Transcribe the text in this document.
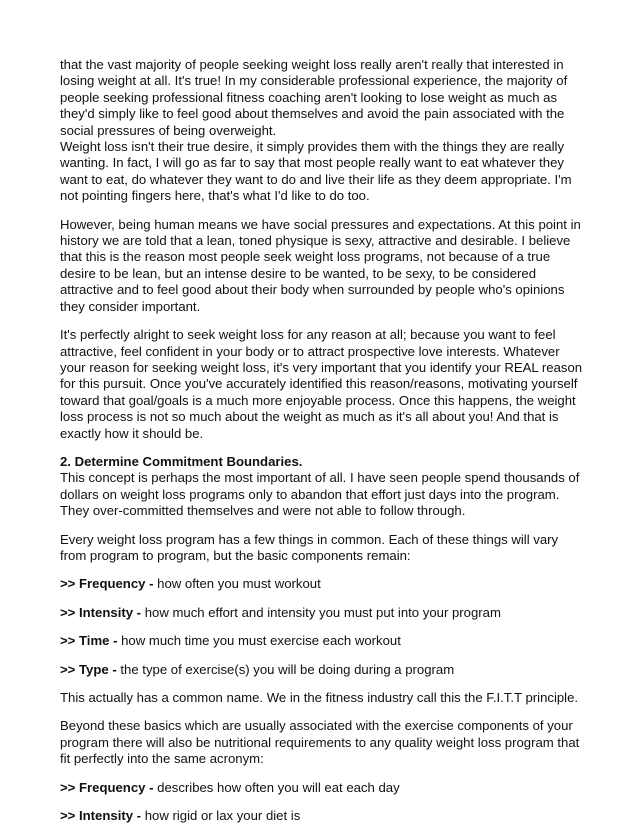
that the vast majority of people seeking weight loss really aren't really that interested in losing weight at all. It's true! In my considerable professional experience, the majority of people seeking professional fitness coaching aren't looking to lose weight as much as they'd simply like to feel good about themselves and avoid the pain associated with the social pressures of being overweight.

Weight loss isn't their true desire, it simply provides them with the things they are really wanting. In fact, I will go as far to say that most people really want to eat whatever they want to eat, do whatever they want to do and live their life as they deem appropriate. I'm not pointing fingers here, that's what I'd like to do too.

However, being human means we have social pressures and expectations. At this point in history we are told that a lean, toned physique is sexy, attractive and desirable. I believe that this is the reason most people seek weight loss programs, not because of a true desire to be lean, but an intense desire to be wanted, to be sexy, to be considered attractive and to feel good about their body when surrounded by people who's opinions they consider important.

It's perfectly alright to seek weight loss for any reason at all; because you want to feel attractive, feel confident in your body or to attract prospective love interests. Whatever your reason for seeking weight loss, it's very important that you identify your REAL reason for this pursuit. Once you've accurately identified this reason/reasons, motivating yourself toward that goal/goals is a much more enjoyable process. Once this happens, the weight loss process is not so much about the weight as much as it's all about you! And that is exactly how it should be.

2. Determine Commitment Boundaries.
This concept is perhaps the most important of all. I have seen people spend thousands of dollars on weight loss programs only to abandon that effort just days into the program. They over-committed themselves and were not able to follow through.

Every weight loss program has a few things in common. Each of these things will vary from program to program, but the basic components remain:

>> Frequency - how often you must workout

>> Intensity - how much effort and intensity you must put into your program

>> Time - how much time you must exercise each workout

>> Type - the type of exercise(s) you will be doing during a program

This actually has a common name. We in the fitness industry call this the F.I.T.T principle.

Beyond these basics which are usually associated with the exercise components of your program there will also be nutritional requirements to any quality weight loss program that fit perfectly into the same acronym:

>> Frequency - describes how often you will eat each day

>> Intensity - how rigid or lax your diet is
